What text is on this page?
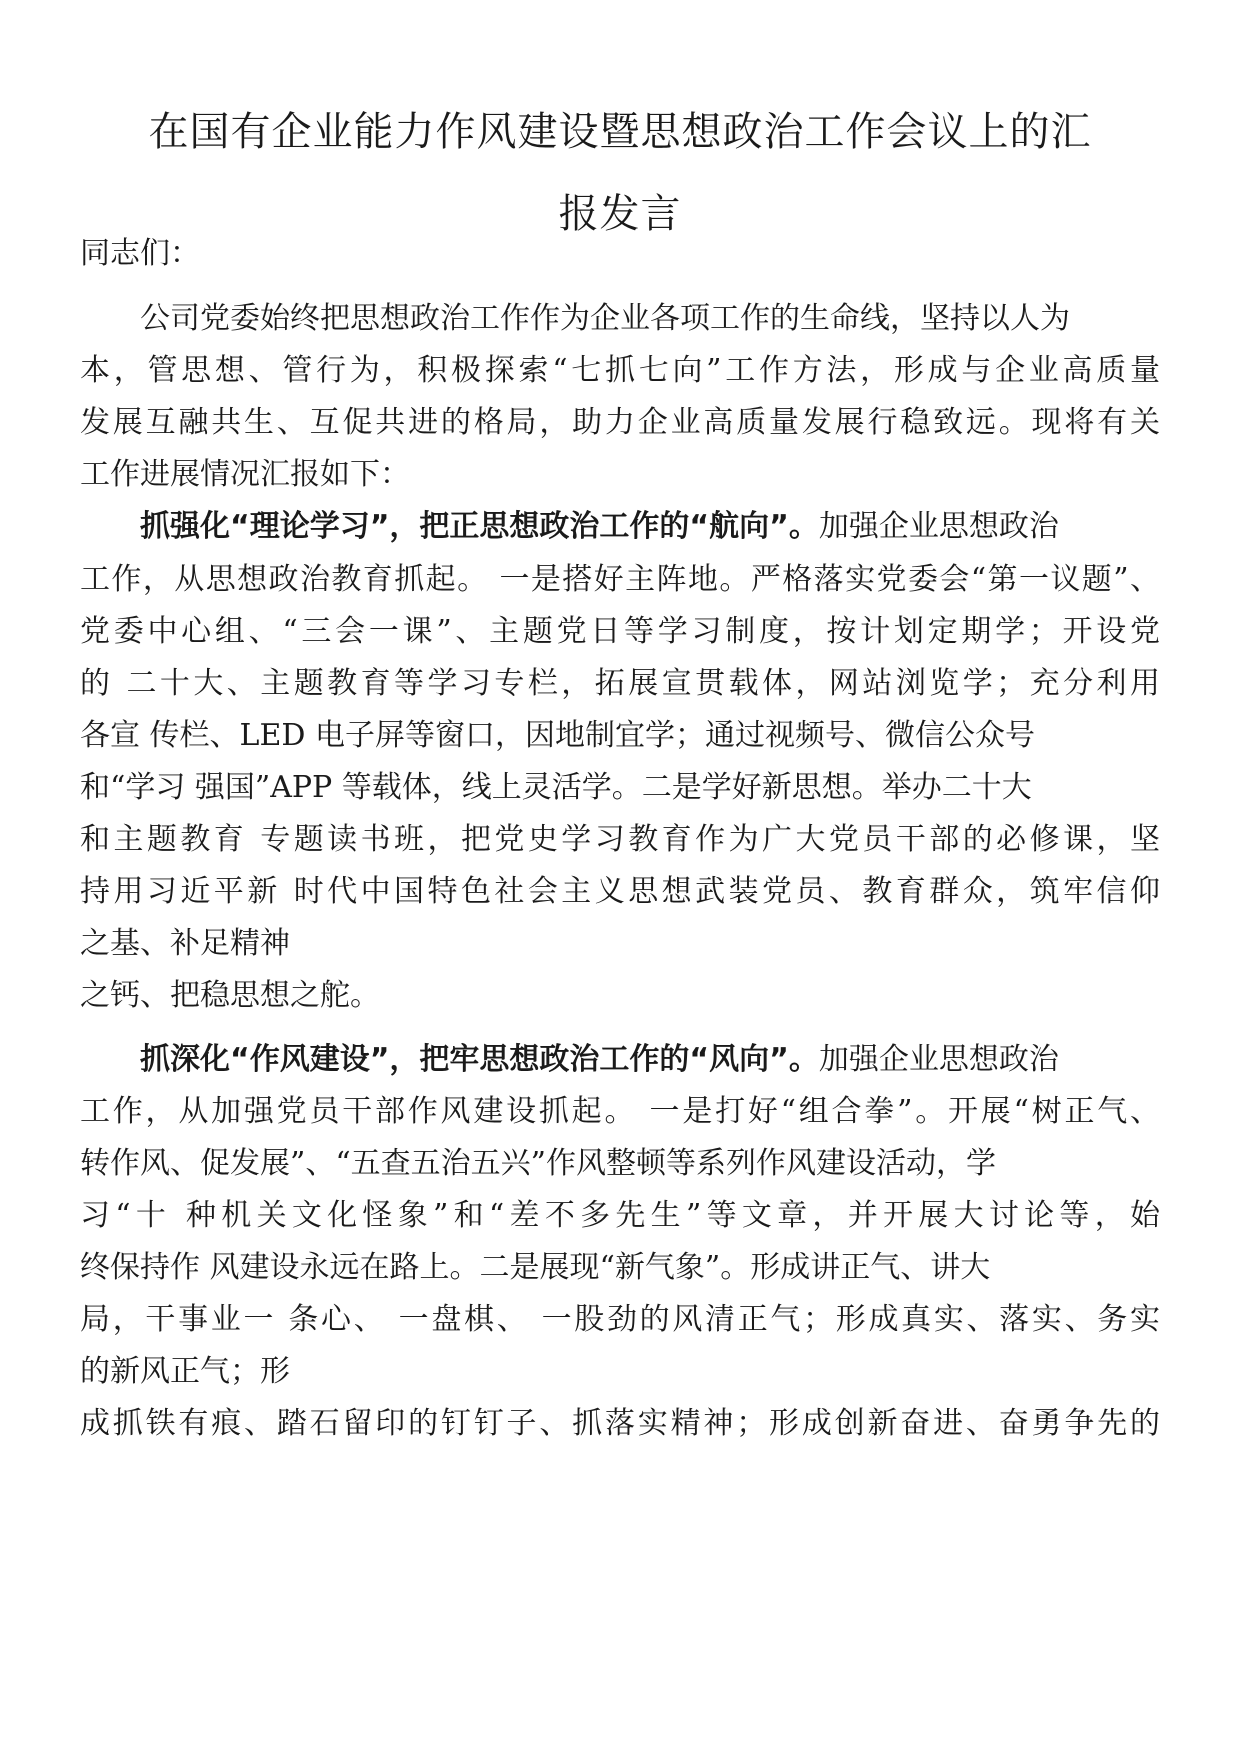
在国有企业能力作风建设暨思想政治工作会议上的汇
报发言

同志们：

公司党委始终把思想政治工作作为企业各项工作的生命线，坚持以人为

本，管思想、管行为，积极探索“七抓七向”工作方法，形成与企业高质量

发展互融共生、互促共进的格局，助力企业高质量发展行稳致远。现将有关

工作进展情况汇报如下：

抓强化“理论学习”，把正思想政治工作的“航向”。加强企业思想政治

工作，从思想政治教育抓起。 一是搭好主阵地。严格落实党委会“第一议题”、

党委中心组、“三会一课”、主题党日等学习制度，按计划定期学；开设党

的 二十大、主题教育等学习专栏，拓展宣贯载体，网站浏览学；充分利用

各宣 传栏、LED 电子屏等窗口，因地制宜学；通过视频号、微信公众号

和“学习 强国”APP 等载体，线上灵活学。二是学好新思想。举办二十大

和主题教育 专题读书班，把党史学习教育作为广大党员干部的必修课，坚

持用习近平新 时代中国特色社会主义思想武装党员、教育群众，筑牢信仰

之基、补足精神

之钙、把稳思想之舵。

抓深化“作风建设”，把牢思想政治工作的“风向”。加强企业思想政治

工作，从加强党员干部作风建设抓起。 一是打好“组合拳”。开展“树正气、

转作风、促发展”、“五查五治五兴”作风整顿等系列作风建设活动，学

习“十 种机关文化怪象”和“差不多先生”等文章，并开展大讨论等，始

终保持作 风建设永远在路上。二是展现“新气象”。形成讲正气、讲大

局，干事业一 条心、 一盘棋、 一股劲的风清正气；形成真实、落实、务实

的新风正气；形

成抓铁有痕、踏石留印的钉钉子、抓落实精神；形成创新奋进、奋勇争先的
